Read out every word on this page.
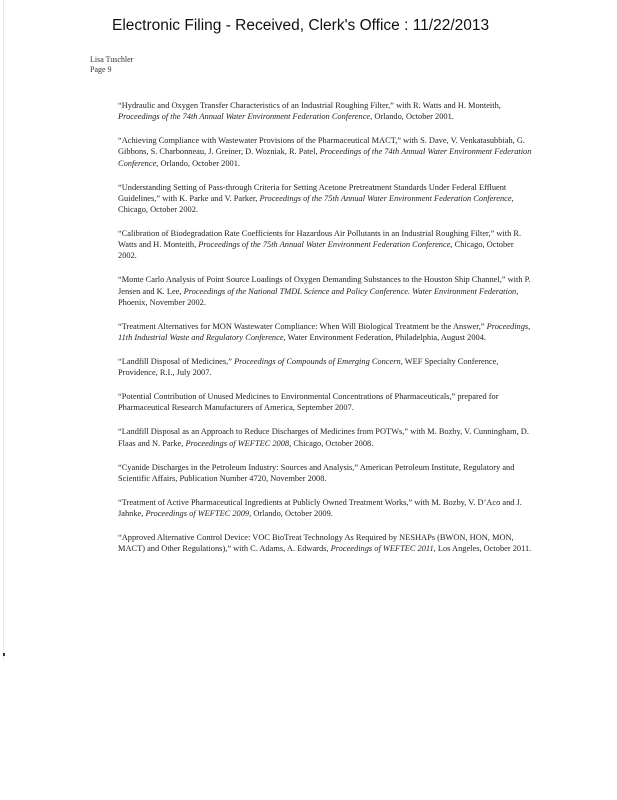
Electronic Filing - Received, Clerk's Office : 11/22/2013
Lisa Tuschler
Page 9

“Hydraulic and Oxygen Transfer Characteristics of an Industrial Roughing Filter,” with R. Watts and H. Monteith, Proceedings of the 74th Annual Water Environment Federation Conference, Orlando, October 2001.

“Achieving Compliance with Wastewater Provisions of the Pharmaceutical MACT,” with S. Dave, V. Venkatasubbiah, G. Gibbons, S. Charbonneau, J. Greiner, D. Wozniak, R. Patel, Proceedings of the 74th Annual Water Environment Federation Conference, Orlando, October 2001.

“Understanding Setting of Pass-through Criteria for Setting Acetone Pretreatment Standards Under Federal Effluent Guidelines,” with K. Parke and V. Parker, Proceedings of the 75th Annual Water Environment Federation Conference, Chicago, October 2002.

“Calibration of Biodegradation Rate Coefficients for Hazardous Air Pollutants in an Industrial Roughing Filter,” with R. Watts and H. Monteith, Proceedings of the 75th Annual Water Environment Federation Conference, Chicago, October 2002.

“Monte Carlo Analysis of Point Source Loadings of Oxygen Demanding Substances to the Houston Ship Channel,” with P. Jensen and K. Lee, Proceedings of the National TMDL Science and Policy Conference. Water Environment Federation, Phoenix, November 2002.

“Treatment Alternatives for MON Wastewater Compliance: When Will Biological Treatment be the Answer,” Proceedings, 11th Industrial Waste and Regulatory Conference, Water Environment Federation, Philadelphia, August 2004.

“Landfill Disposal of Medicines,” Proceedings of Compounds of Emerging Concern, WEF Specialty Conference, Providence, R.I., July 2007.

“Potential Contribution of Unused Medicines to Environmental Concentrations of Pharmaceuticals,” prepared for Pharmaceutical Research Manufacturers of America, September 2007.

“Landfill Disposal as an Approach to Reduce Discharges of Medicines from POTWs,” with M. Bozby, V. Cunningham, D. Flaas and N. Parke, Proceedings of WEFTEC 2008, Chicago, October 2008.

“Cyanide Discharges in the Petroleum Industry: Sources and Analysis,” American Petroleum Institute, Regulatory and Scientific Affairs, Publication Number 4720, November 2008.

“Treatment of Active Pharmaceutical Ingredients at Publicly Owned Treatment Works,” with M. Bozby, V. D’Aco and J. Jahnke, Proceedings of WEFTEC 2009, Orlando, October 2009.

“Approved Alternative Control Device: VOC BioTreat Technology As Required by NESHAPs (BWON, HON, MON, MACT) and Other Regulations),” with C. Adams, A. Edwards, Proceedings of WEFTEC 2011, Los Angeles, October 2011.
